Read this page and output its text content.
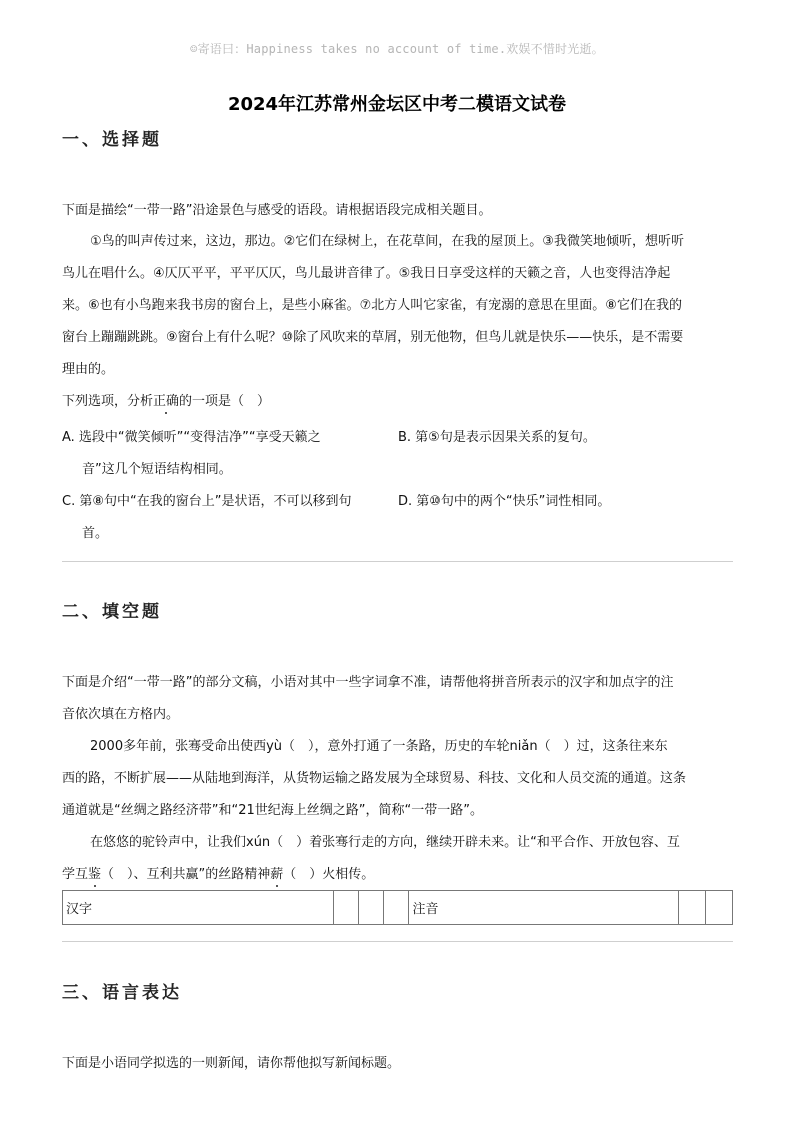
☺寄语曰：Happiness takes no account of time.欢娱不惜时光逝。
2024年江苏常州金坛区中考二模语文试卷
一、选择题
下面是描绘“一带一路”沿途景色与感受的语段。请根据语段完成相关题目。
①鸟的叫声传过来，这边，那边。②它们在绿树上，在花草间，在我的屋顶上。③我微笑地倾听，想听听
鸟儿在唱什么。④仄仄平平，平平仄仄，鸟儿最讲音律了。⑤我日日享受这样的天籁之音，人也变得洁净起
来。⑥也有小鸟跑来我书房的窗台上，是些小麻雀。⑦北方人叫它家雀，有宠溺的意思在里面。⑧它们在我的
窗台上蹦蹦跳跳。⑨窗台上有什么呢？⑩除了风吹来的草屑，别无他物，但鸟儿就是快乐——快乐，是不需要
理由的。
下列选项，分析正确的一项是（　）
A. 选段中“微笑倾听”“变得洁净”“享受天籁之
音”这几个短语结构相同。
B. 第⑤句是表示因果关系的复句。
C. 第⑧句中“在我的窗台上”是状语，不可以移到句
首。
D. 第⑩句中的两个“快乐”词性相同。
二、填空题
下面是介绍“一带一路”的部分文稿，小语对其中一些字词拿不准，请帮他将拼音所表示的汉字和加点字的注
音依次填在方格内。
2000多年前，张骞受命出使西yù（　），意外打通了一条路，历史的车轮niǎn（　）过，这条往来东
西的路，不断扩展——从陆地到海洋，从货物运输之路发展为全球贸易、科技、文化和人员交流的通道。这条
通道就是“丝绸之路经济带”和“21世纪海上丝绸之路”，简称“一带一路”。
在悠悠的驼铃声中，让我们xún（　）着张骞行走的方向，继续开辟未来。让“和平合作、开放包容、互
学互鉴（　）、互利共赢”的丝路精神薪（　）火相传。
汉字				注音		
三、语言表达
下面是小语同学拟选的一则新闻，请你帮他拟写新闻标题。
